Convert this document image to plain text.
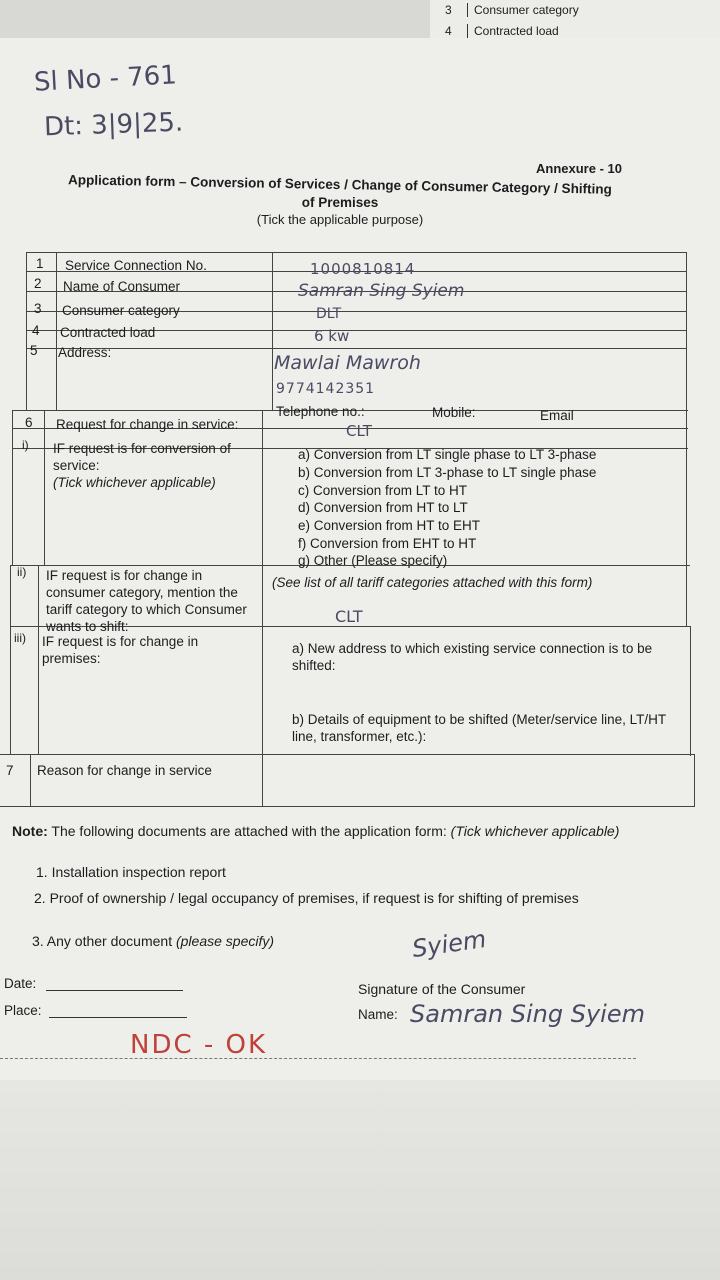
3	Consumer category
4	Contracted load
Sl No - 761
Dt: 3|9|25.
Annexure - 10
Application form – Conversion of Services / Change of Consumer Category / Shifting
of Premises
(Tick the applicable purpose)
1 Service Connection No.	1000810814
2 Name of Consumer	Samran Sing Syiem
3 Consumer category	DLT
4 Contracted load	6 kw
5 Address:	Mawlai Mawroh
9774142351
Telephone no.:	Mobile:	Email
6 Request for change in service:	CLT
i) IF request is for conversion of service:
(Tick whichever applicable)
a) Conversion from LT single phase to LT 3-phase
b) Conversion from LT 3-phase to LT single phase
c) Conversion from LT to HT
d) Conversion from HT to LT
e) Conversion from HT to EHT
f) Conversion from EHT to HT
g) Other (Please specify)
ii) IF request is for change in consumer category, mention the tariff category to which Consumer wants to shift:
(See list of all tariff categories attached with this form)
CLT
iii) IF request is for change in premises:
a) New address to which existing service connection is to be shifted:
b) Details of equipment to be shifted (Meter/service line, LT/HT line, transformer, etc.):
7 Reason for change in service
Note: The following documents are attached with the application form: (Tick whichever applicable)
1. Installation inspection report
2. Proof of ownership / legal occupancy of premises, if request is for shifting of premises
3. Any other document (please specify)
Date:
Place:
Syiem
Signature of the Consumer
Name: Samran Sing Syiem
NDC - OK
